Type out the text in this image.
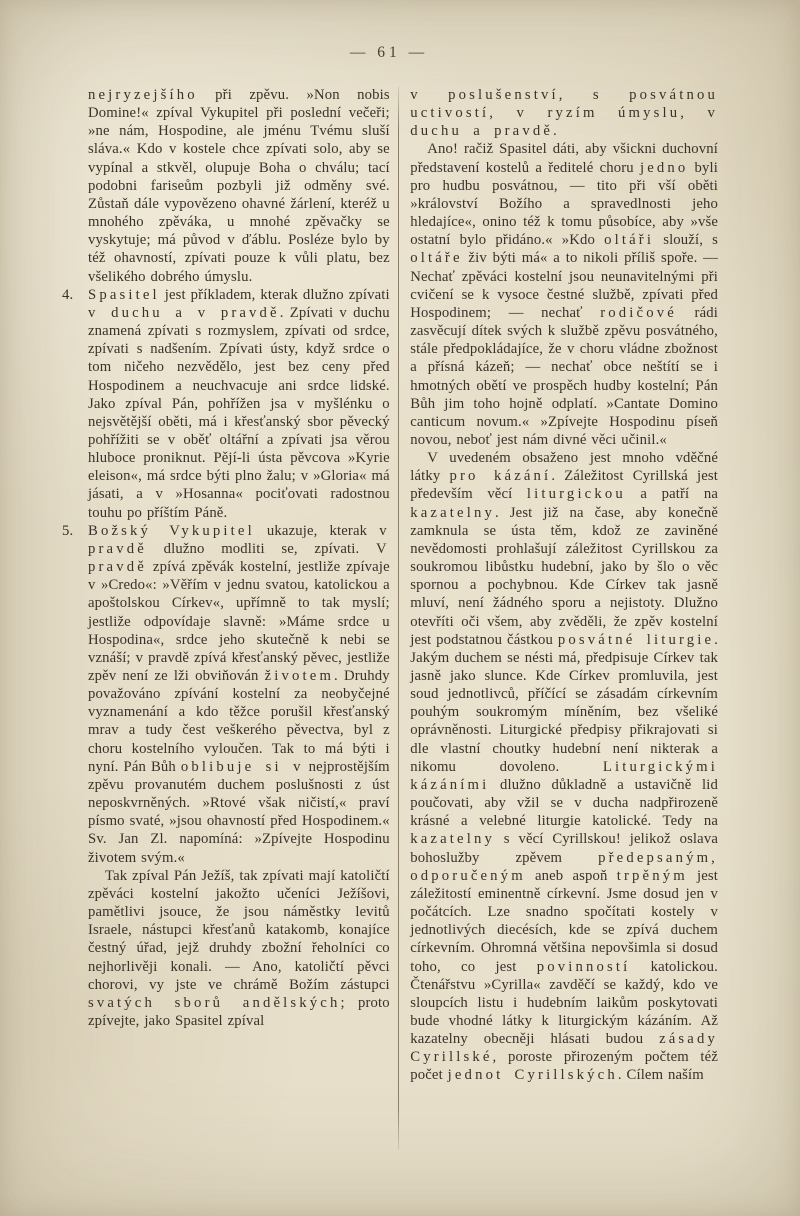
— 61 —

nejryzejšího při zpěvu. »Non nobis Domine!« zpíval Vykupitel při poslední večeři; »ne nám, Hospodine, ale jménu Tvému sluší sláva.« Kdo v kostele chce zpívati solo, aby se vypínal a stkvěl, olupuje Boha o chválu; tací podobni fariseům pozbyli již odměny své. Zůstaň dále vypovězeno ohavné žárlení, kteréž u mnohého zpěváka, u mnohé zpěvačky se vyskytuje; má původ v ďáblu. Posléze bylo by též ohavností, zpívati pouze k vůli platu, bez všelikého dobrého úmyslu.

4. Spasitel jest příkladem, kterak dlužno zpívati v duchu a v pravdě. Zpívati v duchu znamená zpívati s rozmyslem, zpívati od srdce, zpívati s nadšením. Zpívati ústy, když srdce o tom ničeho nezvědělo, jest bez ceny před Hospodinem a neuchvacuje ani srdce lidské. Jako zpíval Pán, pohřížen jsa v myšlénku o nejsvětější oběti, má i křesťanský sbor pěvecký pohřížiti se v oběť oltářní a zpívati jsa věrou hluboce proniknut. Pějí-li ústa pěvcova »Kyrie eleison«, má srdce býti plno žalu; v »Gloria« má jásati, a v »Hosanna« pociťovati radostnou touhu po příštím Páně.

5. Božský Vykupitel ukazuje, kterak v pravdě dlužno modliti se, zpívati. V pravdě zpívá zpěvák kostelní, jestliže zpívaje v »Credo«: »Věřím v jednu svatou, katolickou a apoštolskou Církev«, upřímně to tak myslí; jestliže odpovídaje slavně: »Máme srdce u Hospodina«, srdce jeho skutečně k nebi se vznáší; v pravdě zpívá křesťanský pěvec, jestliže zpěv není ze lži obviňován životem. Druhdy považováno zpívání kostelní za neobyčejné vyznamenání a kdo těžce porušil křesťanský mrav a tudy čest veškerého pěvectva, byl z choru kostelního vyloučen. Tak to má býti i nyní. Pán Bůh oblibuje si v nejprostějším zpěvu provanutém duchem poslušnosti z úst neposkvrněných. »Rtové však ničistí,« praví písmo svaté, »jsou ohavností před Hospodinem.« Sv. Jan Zl. napomíná: »Zpívejte Hospodinu životem svým.«

Tak zpíval Pán Ježíš, tak zpívati mají katoličtí zpěváci kostelní jakožto učeníci Ježíšovi, pamětlivi jsouce, že jsou náměstky levitů Israele, nástupci křesťanů katakomb, konajíce čestný úřad, jejž druhdy zbožní řeholníci co nejhorlivěji konali. — Ano, katoličtí pěvci chorovi, vy jste ve chrámě Božím zástupci svatých sborů andělských; proto zpívejte, jako Spasitel zpíval

v poslušenství, s posvátnou uctivostí, v ryzím úmyslu, v duchu a pravdě.

Ano! račiž Spasitel dáti, aby všickni duchovní představení kostelů a ředitelé choru jedno byli pro hudbu posvátnou, — tito při vší oběti »království Božího a spravedlnosti jeho hledajíce«, onino též k tomu působíce, aby »vše ostatní bylo přidáno.« »Kdo oltáři slouží, s oltáře živ býti má« a to nikoli příliš spoře. — Nechať zpěváci kostelní jsou neunavitelnými při cvičení se k vysoce čestné službě, zpívati před Hospodinem; — nechať rodičové rádi zasvěcují dítek svých k službě zpěvu posvátného, stále předpokládajíce, že v choru vládne zbožnost a přísná kázeň; — nechať obce neštítí se i hmotných obětí ve prospěch hudby kostelní; Pán Bůh jim toho hojně odplatí. »Cantate Domino canticum novum.« »Zpívejte Hospodinu píseň novou, neboť jest nám divné věci učinil.«

V uvedeném obsaženo jest mnoho vděčné látky pro kázání. Záležitost Cyrillská jest především věcí liturgickou a patří na kazatelny. Jest již na čase, aby konečně zamknula se ústa těm, kdož ze zaviněné nevědomosti prohlašují záležitost Cyrillskou za soukromou libůstku hudební, jako by šlo o věc spornou a pochybnou. Kde Církev tak jasně mluví, není žádného sporu a nejistoty. Dlužno otevříti oči všem, aby zvěděli, že zpěv kostelní jest podstatnou částkou posvátné liturgie. Jakým duchem se nésti má, předpisuje Církev tak jasně jako slunce. Kde Církev promluvila, jest soud jednotlivců, příčící se zásadám církevním pouhým soukromým míněním, bez všeliké oprávněnosti. Liturgické předpisy přikrajovati si dle vlastní choutky hudební není nikterak a nikomu dovoleno. Liturgickými kázáními dlužno důkladně a ustavičně lid poučovati, aby vžil se v ducha nadpřirozeně krásné a velebné liturgie katolické. Tedy na kazatelny s věcí Cyrillskou! jelikož oslava bohoslužby zpěvem předepsaným, odporučeným aneb aspoň trpěným jest záležitostí eminentně církevní. Jsme dosud jen v počátcích. Lze snadno spočítati kostely v jednotlivých diecésích, kde se zpívá duchem církevním. Ohromná většina nepovšimla si dosud toho, co jest povinností katolickou. Čtenářstvu »Cyrilla« zavděčí se každý, kdo ve sloupcích listu i hudebním laikům poskytovati bude vhodné látky k liturgickým kázáním. Až kazatelny obecněji hlásati budou zásady Cyrillské, poroste přirozeným počtem též počet jednot Cyrillských. Cílem naším
